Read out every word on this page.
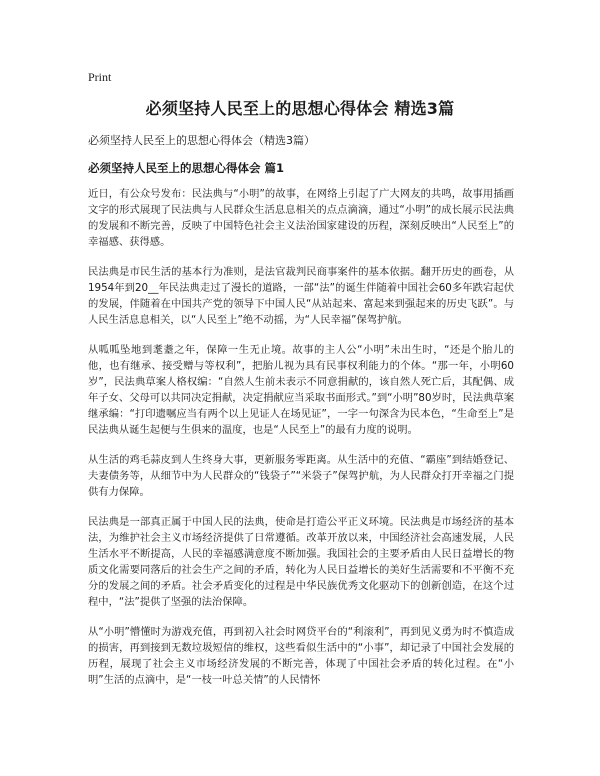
Print
必须坚持人民至上的思想心得体会 精选3篇

必须坚持人民至上的思想心得体会（精选3篇）

必须坚持人民至上的思想心得体会 篇1

近日，有公众号发布：民法典与“小明”的故事，在网络上引起了广大网友的共鸣，故事用插画文字的形式展现了民法典与人民群众生活息息相关的点点滴滴，通过“小明”的成长展示民法典的发展和不断完善，反映了中国特色社会主义法治国家建设的历程，深刻反映出“人民至上”的幸福感、获得感。

民法典是市民生活的基本行为准则，是法官裁判民商事案件的基本依据。翻开历史的画卷，从1954年到20__年民法典走过了漫长的道路，一部“法”的诞生伴随着中国社会60多年跌宕起伏的发展，伴随着在中国共产党的领导下中国人民“从站起来、富起来到强起来的历史飞跃”。与人民生活息息相关，以“人民至上”绝不动摇，为“人民幸福”保驾护航。

从呱呱坠地到耄耋之年，保障一生无止境。故事的主人公“小明”未出生时，“还是个胎儿的他，也有继承、接受赠与等权利”，把胎儿视为具有民事权利能力的个体。“那一年，小明60岁”，民法典草案人格权编：“自然人生前未表示不同意捐献的，该自然人死亡后，其配偶、成年子女、父母可以共同决定捐献，决定捐献应当采取书面形式。”到“小明”80岁时，民法典草案继承编：“打印遗嘱应当有两个以上见证人在场见证”，一字一句深含为民本色，“生命至上”是民法典从诞生起便与生俱来的温度，也是“人民至上”的最有力度的说明。

从生活的鸡毛蒜皮到人生终身大事，更新服务零距离。从生活中的充值、“霸座”到结婚登记、夫妻债务等，从细节中为人民群众的“钱袋子”“米袋子”保驾护航，为人民群众打开幸福之门提供有力保障。

民法典是一部真正属于中国人民的法典，使命是打造公平正义环境。民法典是市场经济的基本法，为维护社会主义市场经济提供了日常遵循。改革开放以来，中国经济社会高速发展，人民生活水平不断提高，人民的幸福感满意度不断加强。我国社会的主要矛盾由人民日益增长的物质文化需要同落后的社会生产之间的矛盾，转化为人民日益增长的美好生活需要和不平衡不充分的发展之间的矛盾。社会矛盾变化的过程是中华民族优秀文化驱动下的创新创造，在这个过程中，“法”提供了坚强的法治保障。

从“小明”懵懂时为游戏充值，再到初入社会时网贷平台的“利滚利”，再到见义勇为时不慎造成的损害，再到接到无数垃圾短信的维权，这些看似生活中的“小事”，却记录了中国社会发展的历程，展现了社会主义市场经济发展的不断完善，体现了中国社会矛盾的转化过程。在“小明”生活的点滴中，是“一枝一叶总关情”的人民情怀
